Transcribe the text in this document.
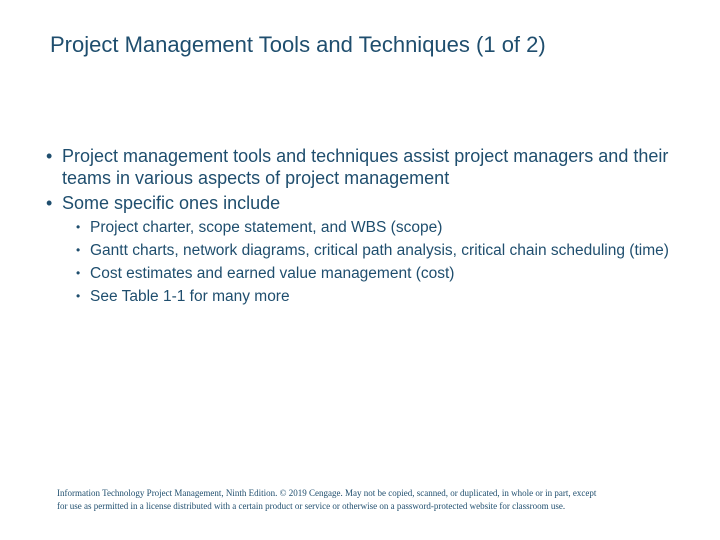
Project Management Tools and Techniques (1 of 2)
• Project management tools and techniques assist project managers and their teams in various aspects of project management
• Some specific ones include
• Project charter, scope statement, and WBS (scope)
• Gantt charts, network diagrams, critical path analysis, critical chain scheduling (time)
• Cost estimates and earned value management (cost)
• See Table 1-1 for many more
Information Technology Project Management, Ninth Edition. © 2019 Cengage. May not be copied, scanned, or duplicated, in whole or in part, except
for use as permitted in a license distributed with a certain product or service or otherwise on a password-protected website for classroom use.
